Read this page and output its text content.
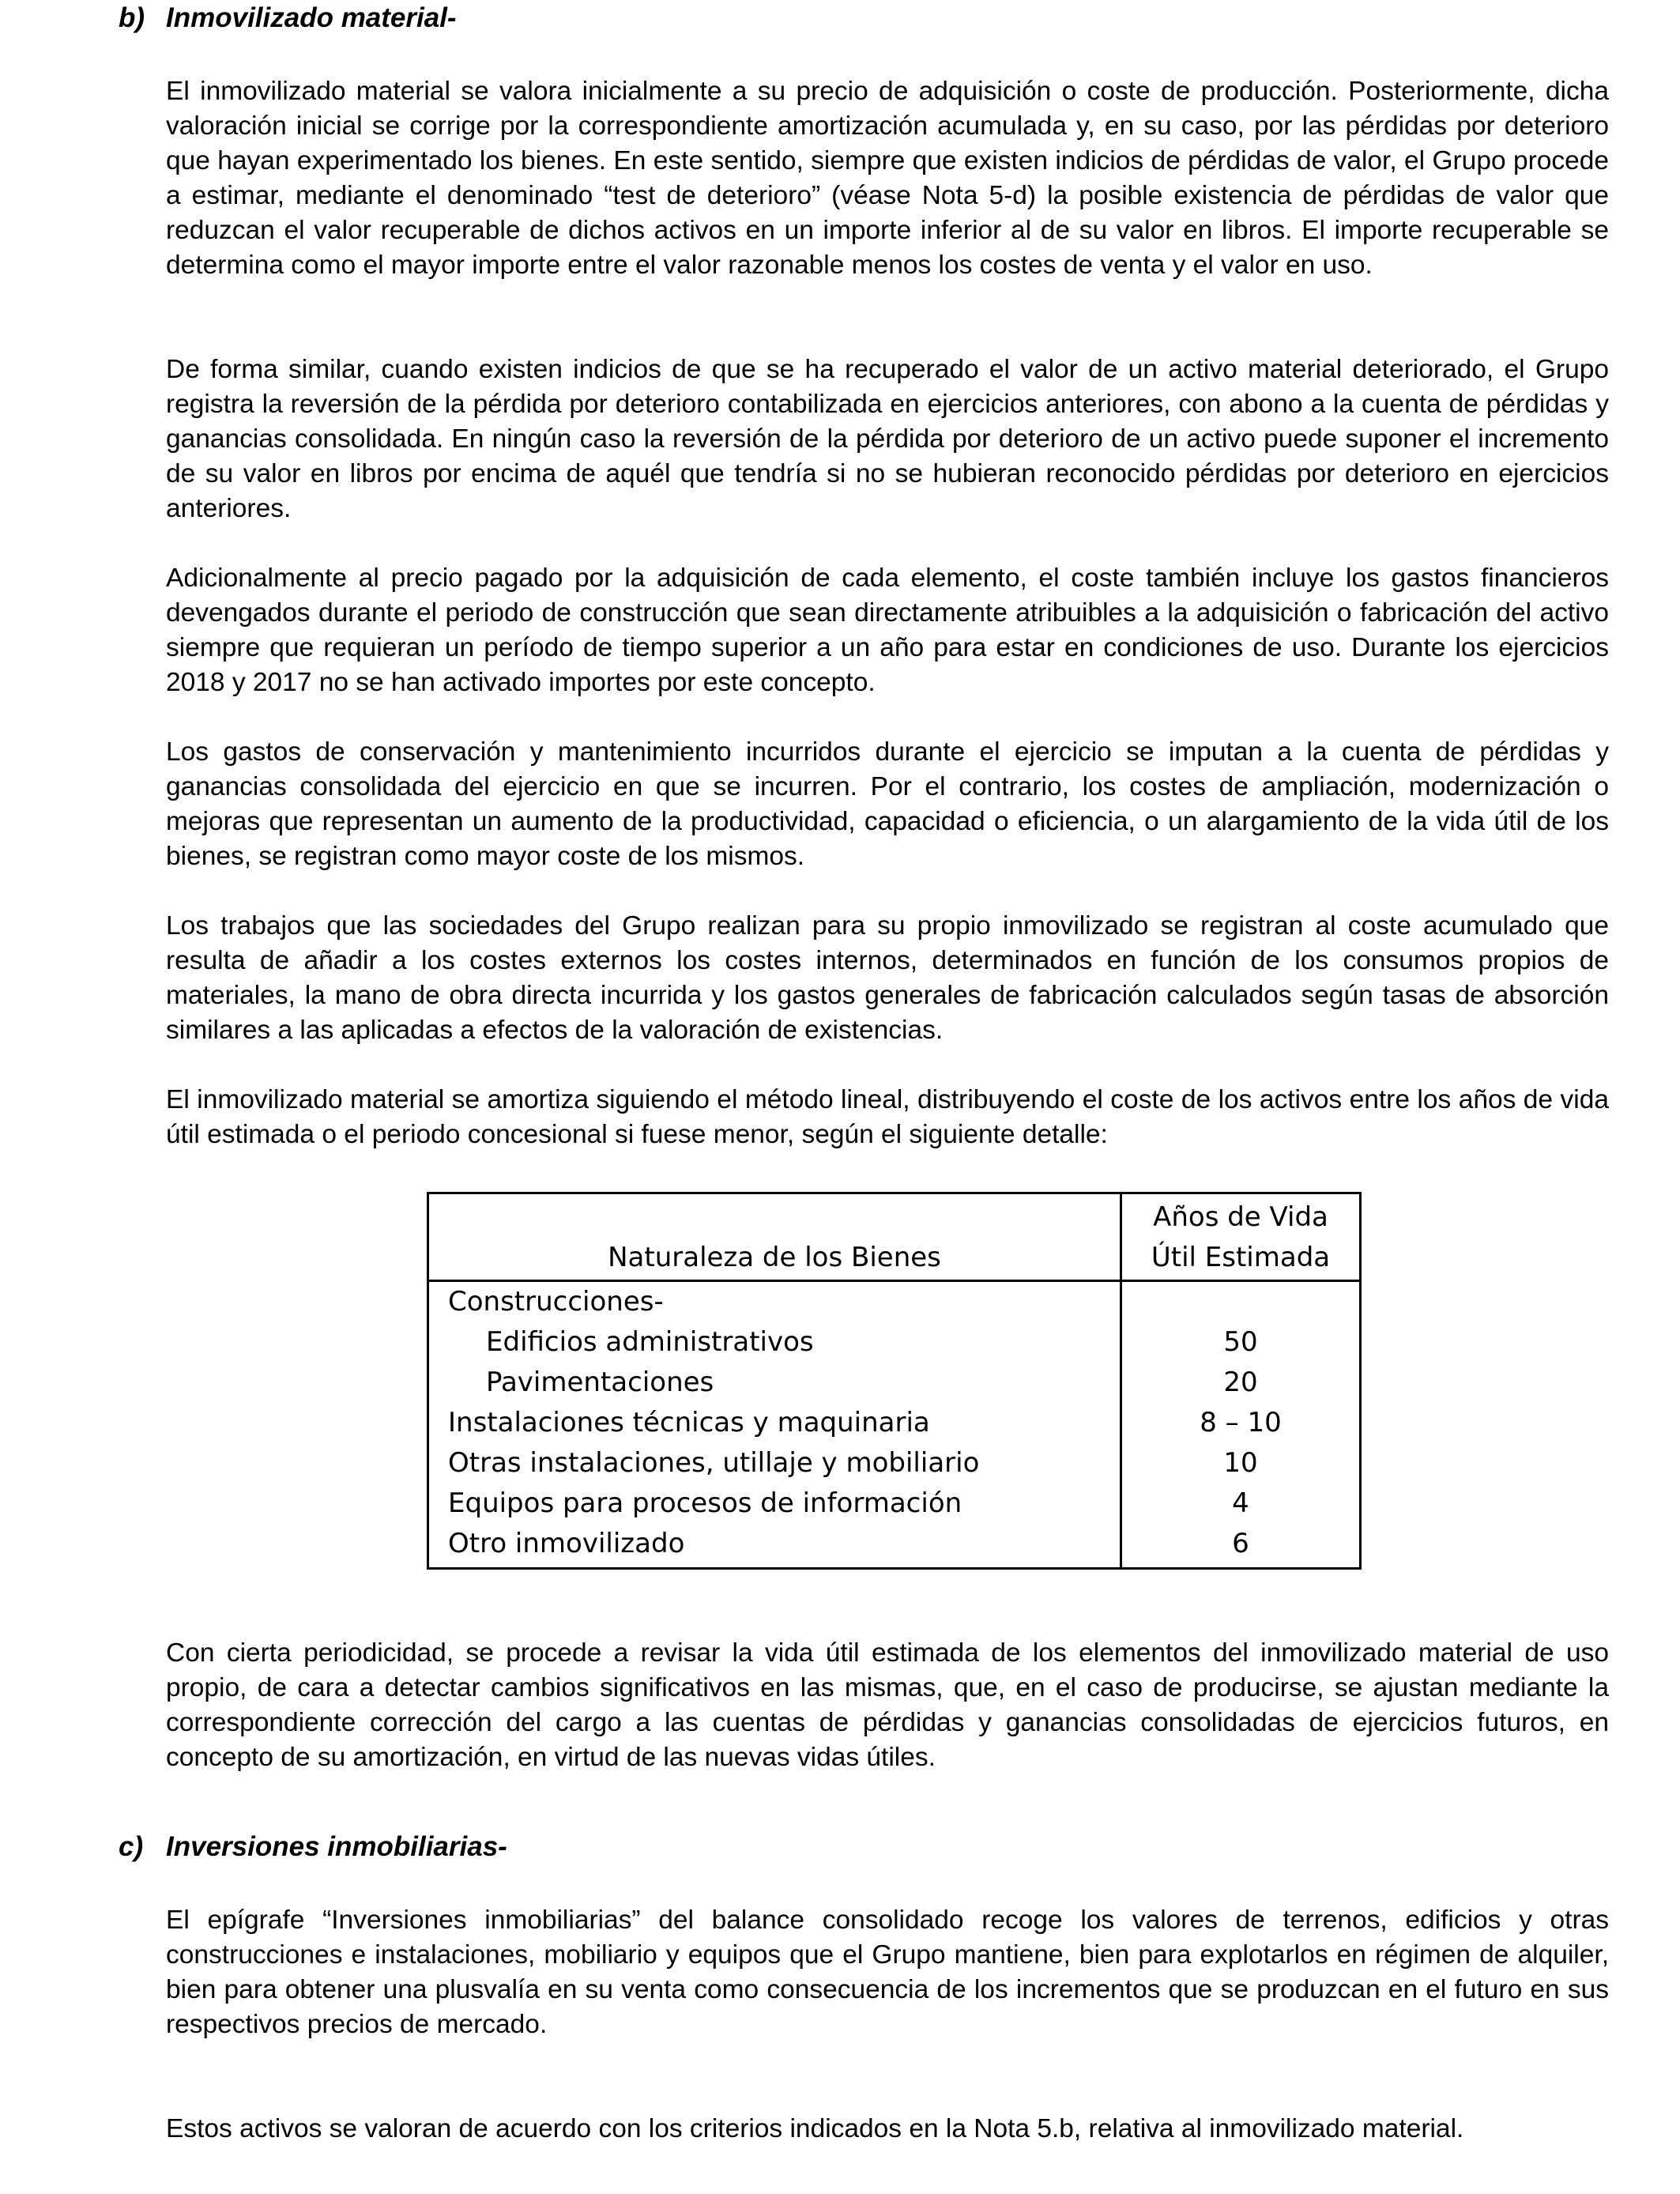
b) Inmovilizado material-

El inmovilizado material se valora inicialmente a su precio de adquisición o coste de producción. Posteriormente, dicha valoración inicial se corrige por la correspondiente amortización acumulada y, en su caso, por las pérdidas por deterioro que hayan experimentado los bienes. En este sentido, siempre que existen indicios de pérdidas de valor, el Grupo procede a estimar, mediante el denominado “test de deterioro” (véase Nota 5-d) la posible existencia de pérdidas de valor que reduzcan el valor recuperable de dichos activos en un importe inferior al de su valor en libros. El importe recuperable se determina como el mayor importe entre el valor razonable menos los costes de venta y el valor en uso.

De forma similar, cuando existen indicios de que se ha recuperado el valor de un activo material deteriorado, el Grupo registra la reversión de la pérdida por deterioro contabilizada en ejercicios anteriores, con abono a la cuenta de pérdidas y ganancias consolidada. En ningún caso la reversión de la pérdida por deterioro de un activo puede suponer el incremento de su valor en libros por encima de aquél que tendría si no se hubieran reconocido pérdidas por deterioro en ejercicios anteriores.

Adicionalmente al precio pagado por la adquisición de cada elemento, el coste también incluye los gastos financieros devengados durante el periodo de construcción que sean directamente atribuibles a la adquisición o fabricación del activo siempre que requieran un período de tiempo superior a un año para estar en condiciones de uso. Durante los ejercicios 2018 y 2017 no se han activado importes por este concepto.

Los gastos de conservación y mantenimiento incurridos durante el ejercicio se imputan a la cuenta de pérdidas y ganancias consolidada del ejercicio en que se incurren. Por el contrario, los costes de ampliación, modernización o mejoras que representan un aumento de la productividad, capacidad o eficiencia, o un alargamiento de la vida útil de los bienes, se registran como mayor coste de los mismos.

Los trabajos que las sociedades del Grupo realizan para su propio inmovilizado se registran al coste acumulado que resulta de añadir a los costes externos los costes internos, determinados en función de los consumos propios de materiales, la mano de obra directa incurrida y los gastos generales de fabricación calculados según tasas de absorción similares a las aplicadas a efectos de la valoración de existencias.

El inmovilizado material se amortiza siguiendo el método lineal, distribuyendo el coste de los activos entre los años de vida útil estimada o el periodo concesional si fuese menor, según el siguiente detalle:

Naturaleza de los Bienes	Años de Vida
Útil Estimada

Construcciones-	
Edificios administrativos	50
Pavimentaciones	20
Instalaciones técnicas y maquinaria	8 – 10
Otras instalaciones, utillaje y mobiliario	10
Equipos para procesos de información	4
Otro inmovilizado	6

Con cierta periodicidad, se procede a revisar la vida útil estimada de los elementos del inmovilizado material de uso propio, de cara a detectar cambios significativos en las mismas, que, en el caso de producirse, se ajustan mediante la correspondiente corrección del cargo a las cuentas de pérdidas y ganancias consolidadas de ejercicios futuros, en concepto de su amortización, en virtud de las nuevas vidas útiles.

c) Inversiones inmobiliarias-

El epígrafe “Inversiones inmobiliarias” del balance consolidado recoge los valores de terrenos, edificios y otras construcciones e instalaciones, mobiliario y equipos que el Grupo mantiene, bien para explotarlos en régimen de alquiler, bien para obtener una plusvalía en su venta como consecuencia de los incrementos que se produzcan en el futuro en sus respectivos precios de mercado.

Estos activos se valoran de acuerdo con los criterios indicados en la Nota 5.b, relativa al inmovilizado material.
